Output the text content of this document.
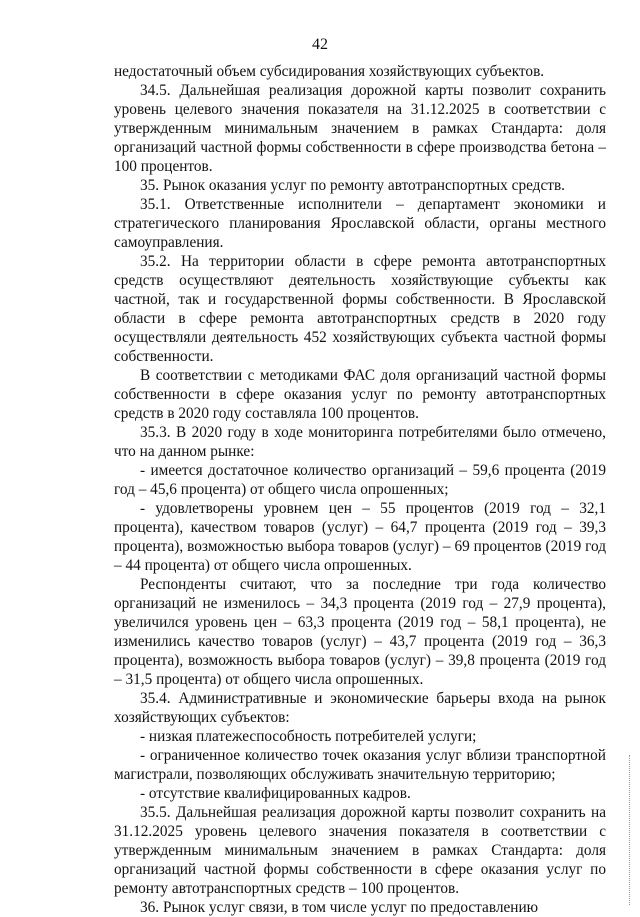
42

недостаточный объем субсидирования хозяйствующих субъектов.

34.5. Дальнейшая реализация дорожной карты позволит сохранить уровень целевого значения показателя на 31.12.2025 в соответствии с утвержденным минимальным значением в рамках Стандарта: доля организаций частной формы собственности в сфере производства бетона – 100 процентов.

35. Рынок оказания услуг по ремонту автотранспортных средств.

35.1. Ответственные исполнители – департамент экономики и стратегического планирования Ярославской области, органы местного самоуправления.

35.2. На территории области в сфере ремонта автотранспортных средств осуществляют деятельность хозяйствующие субъекты как частной, так и государственной формы собственности. В Ярославской области в сфере ремонта автотранспортных средств в 2020 году осуществляли деятельность 452 хозяйствующих субъекта частной формы собственности.

В соответствии с методиками ФАС доля организаций частной формы собственности в сфере оказания услуг по ремонту автотранспортных средств в 2020 году составляла 100 процентов.

35.3. В 2020 году в ходе мониторинга потребителями было отмечено, что на данном рынке:

- имеется достаточное количество организаций – 59,6 процента (2019 год – 45,6 процента) от общего числа опрошенных;

- удовлетворены уровнем цен – 55 процентов (2019 год – 32,1 процента), качеством товаров (услуг) – 64,7 процента (2019 год – 39,3 процента), возможностью выбора товаров (услуг) – 69 процентов (2019 год – 44 процента) от общего числа опрошенных.

Респонденты считают, что за последние три года количество организаций не изменилось – 34,3 процента (2019 год – 27,9 процента), увеличился уровень цен – 63,3 процента (2019 год – 58,1 процента), не изменились качество товаров (услуг) – 43,7 процента (2019 год – 36,3 процента), возможность выбора товаров (услуг) – 39,8 процента (2019 год – 31,5 процента) от общего числа опрошенных.

35.4. Административные и экономические барьеры входа на рынок хозяйствующих субъектов:

- низкая платежеспособность потребителей услуги;

- ограниченное количество точек оказания услуг вблизи транспортной магистрали, позволяющих обслуживать значительную территорию;

- отсутствие квалифицированных кадров.

35.5. Дальнейшая реализация дорожной карты позволит сохранить на 31.12.2025 уровень целевого значения показателя в соответствии с утвержденным минимальным значением в рамках Стандарта: доля организаций частной формы собственности в сфере оказания услуг по ремонту автотранспортных средств – 100 процентов.

36. Рынок услуг связи, в том числе услуг по предоставлению
